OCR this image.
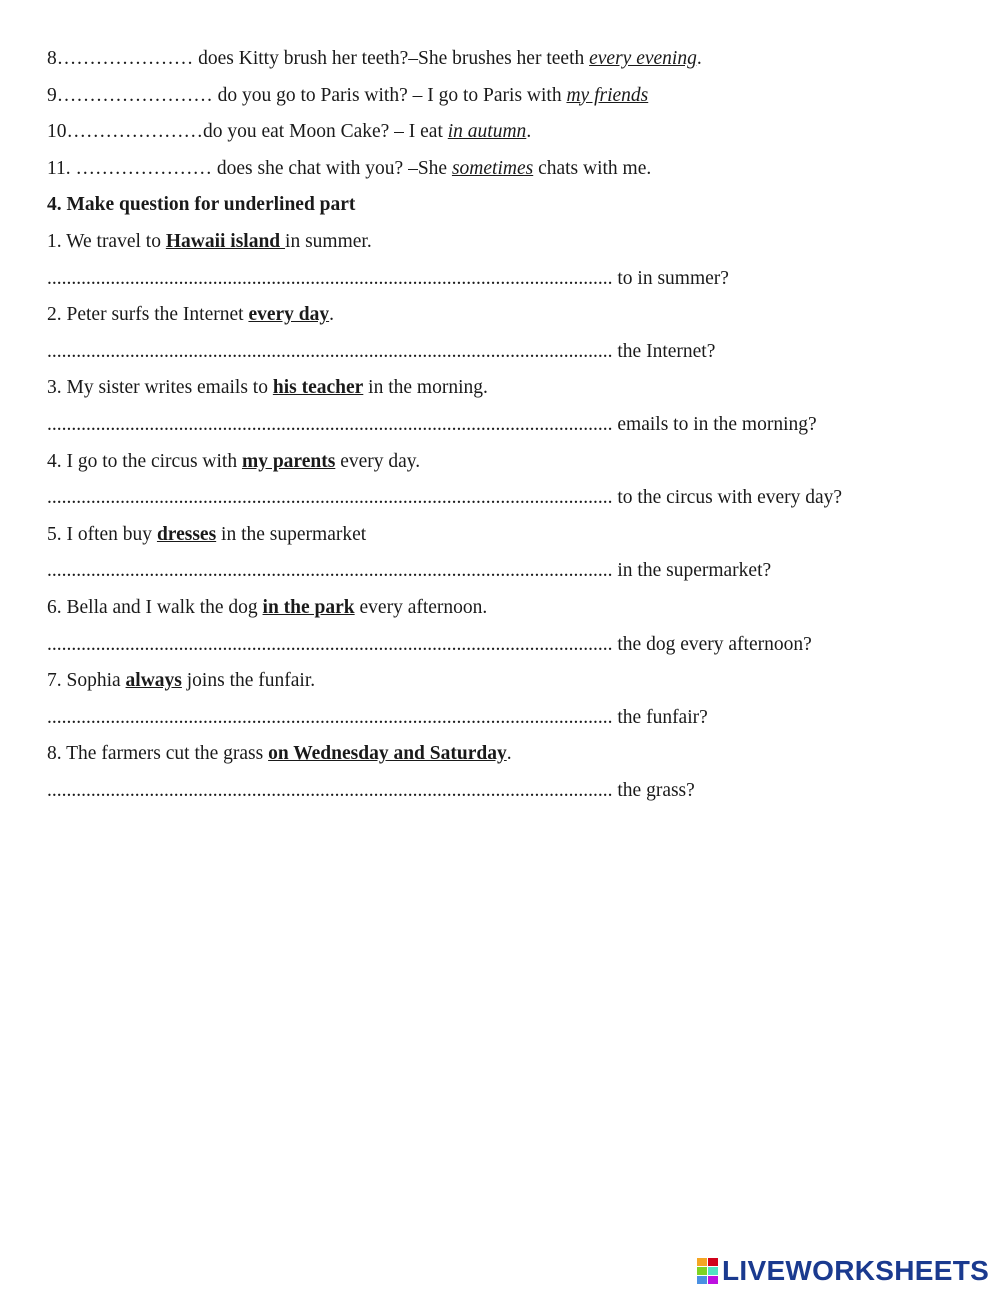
8………………… does Kitty brush her teeth?–She brushes her teeth every evening.
9…………………… do you go to Paris with? – I go to Paris with my friends
10…………………do you eat Moon Cake? – I eat in autumn.
11. ………………… does she chat with you? –She sometimes chats with me.
4. Make question for underlined part
1. We travel to Hawaii island in summer.
.................................................................................................................... to in summer?
2. Peter surfs the Internet every day.
.................................................................................................................... the Internet?
3. My sister writes emails to his teacher in the morning.
.................................................................................................................... emails to in the morning?
4. I go to the circus with my parents every day.
.................................................................................................................... to the circus with every day?
5. I often buy dresses in the supermarket
.................................................................................................................... in the supermarket?
6. Bella and I walk the dog in the park every afternoon.
.................................................................................................................... the dog every afternoon?
7. Sophia always joins the funfair.
.................................................................................................................... the funfair?
8. The farmers cut the grass on Wednesday and Saturday.
.................................................................................................................... the grass?
LIVEWORKSHEETS
